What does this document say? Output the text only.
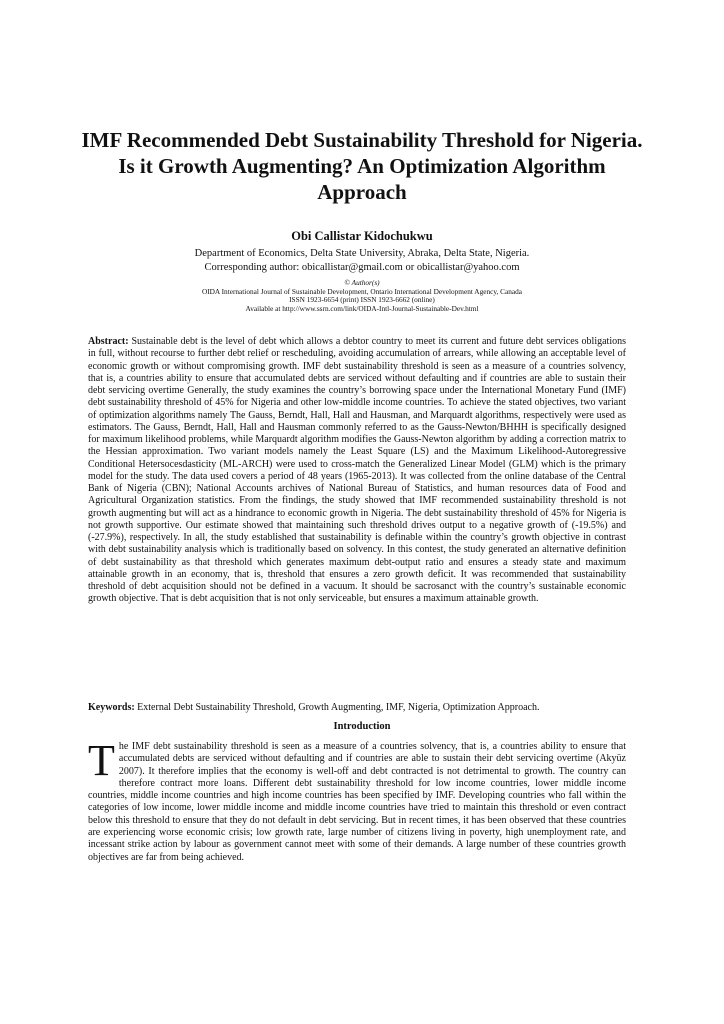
IMF Recommended Debt Sustainability Threshold for Nigeria. Is it Growth Augmenting? An Optimization Algorithm Approach
Obi Callistar Kidochukwu
Department of Economics, Delta State University, Abraka, Delta State, Nigeria.
Corresponding author: obicallistar@gmail.com or obicallistar@yahoo.com
© Author(s)
OIDA International Journal of Sustainable Development, Ontario International Development Agency, Canada
ISSN 1923-6654 (print) ISSN 1923-6662 (online)
Available at http://www.ssrn.com/link/OIDA-Intl-Journal-Sustainable-Dev.html

Abstract: Sustainable debt is the level of debt which allows a debtor country to meet its current and future debt services obligations in full, without recourse to further debt relief or rescheduling, avoiding accumulation of arrears, while allowing an acceptable level of economic growth or without compromising growth. IMF debt sustainability threshold is seen as a measure of a countries solvency, that is, a countries ability to ensure that accumulated debts are serviced without defaulting and if countries are able to sustain their debt servicing overtime Generally, the study examines the country’s borrowing space under the International Monetary Fund (IMF) debt sustainability threshold of 45% for Nigeria and other low-middle income countries. To achieve the stated objectives, two variant of optimization algorithms namely The Gauss, Berndt, Hall, Hall and Hausman, and Marquardt algorithms, respectively were used as estimators. The Gauss, Berndt, Hall, Hall and Hausman commonly referred to as the Gauss-Newton/BHHH is specifically designed for maximum likelihood problems, while Marquardt algorithm modifies the Gauss-Newton algorithm by adding a correction matrix to the Hessian approximation. Two variant models namely the Least Square (LS) and the Maximum Likelihood-Autoregressive Conditional Hetersocesdasticity (ML-ARCH) were used to cross-match the Generalized Linear Model (GLM) which is the primary model for the study. The data used covers a period of 48 years (1965-2013). It was collected from the online database of the Central Bank of Nigeria (CBN); National Accounts archives of National Bureau of Statistics, and human resources data of Food and Agricultural Organization statistics. From the findings, the study showed that IMF recommended sustainability threshold is not growth augmenting but will act as a hindrance to economic growth in Nigeria. The debt sustainability threshold of 45% for Nigeria is not growth supportive. Our estimate showed that maintaining such threshold drives output to a negative growth of (-19.5%) and (-27.9%), respectively. In all, the study established that sustainability is definable within the country’s growth objective in contrast with debt sustainability analysis which is traditionally based on solvency. In this contest, the study generated an alternative definition of debt sustainability as that threshold which generates maximum debt-output ratio and ensures a steady state and maximum attainable growth in an economy, that is, threshold that ensures a zero growth deficit. It was recommended that sustainability threshold of debt acquisition should not be defined in a vacuum. It should be sacrosanct with the country’s sustainable economic growth objective. That is debt acquisition that is not only serviceable, but ensures a maximum attainable growth.

Keywords: External Debt Sustainability Threshold, Growth Augmenting, IMF, Nigeria, Optimization Approach.

Introduction

The IMF debt sustainability threshold is seen as a measure of a countries solvency, that is, a countries ability to ensure that accumulated debts are serviced without defaulting and if countries are able to sustain their debt servicing overtime (Akyüz 2007). It therefore implies that the economy is well-off and debt contracted is not detrimental to growth. The country can therefore contract more loans. Different debt sustainability threshold for low income countries, lower middle income countries, middle income countries and high income countries has been specified by IMF. Developing countries who fall within the categories of low income, lower middle income and middle income countries have tried to maintain this threshold or even contract below this threshold to ensure that they do not default in debt servicing. But in recent times, it has been observed that these countries are experiencing worse economic crisis; low growth rate, large number of citizens living in poverty, high unemployment rate, and incessant strike action by labour as government cannot meet with some of their demands. A large number of these countries growth objectives are far from being achieved.
